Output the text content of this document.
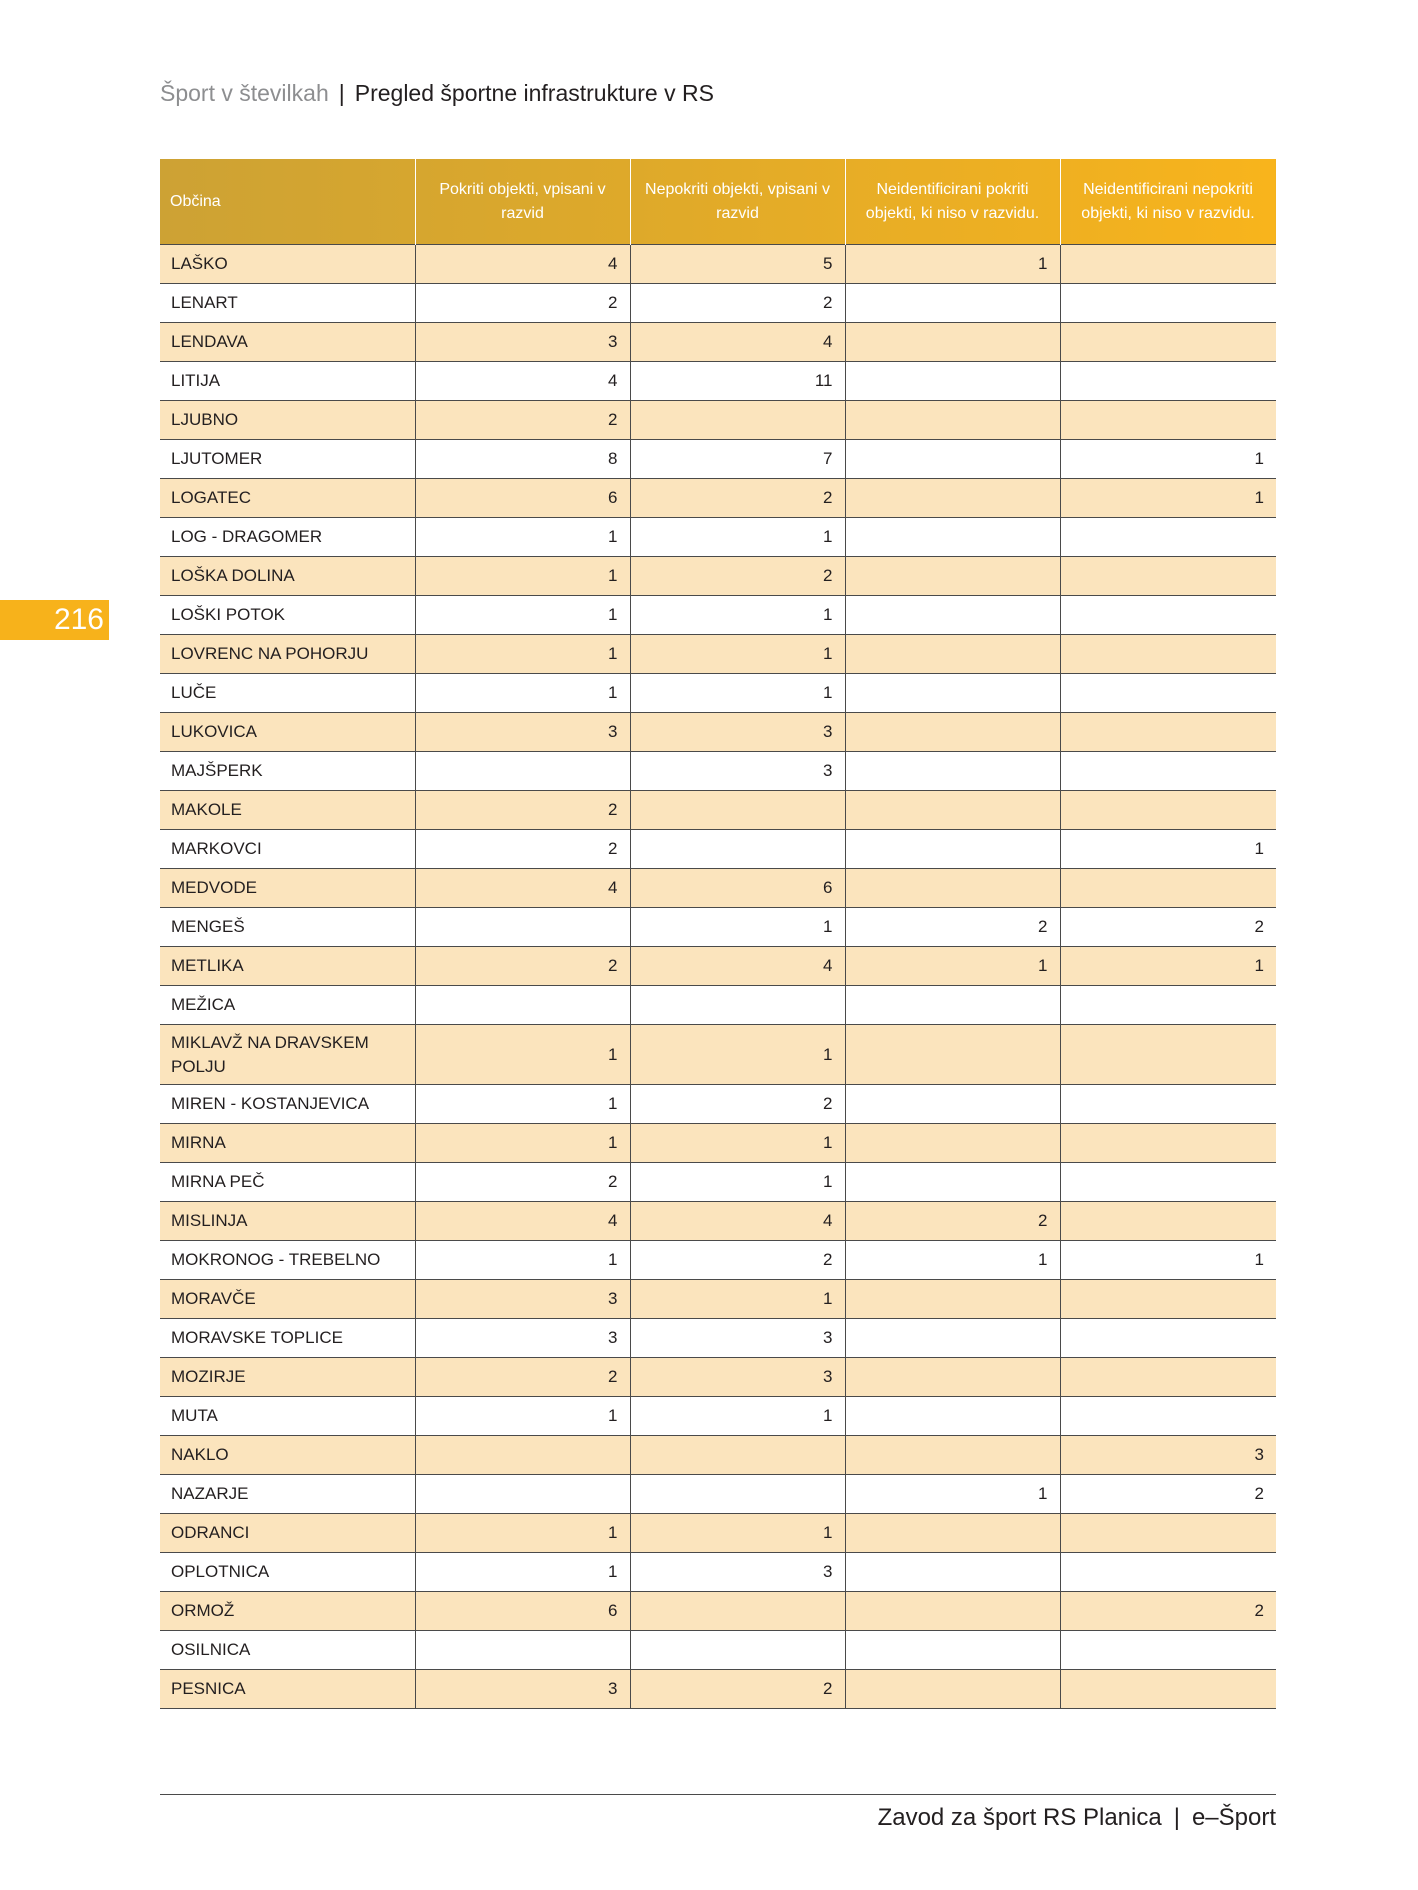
Šport v številkah | Pregled športne infrastrukture v RS
216
Občina	Pokriti objekti, vpisani v razvid	Nepokriti objekti, vpisani v razvid	Neidentificirani pokriti objekti, ki niso v razvidu.	Neidentificirani nepokriti objekti, ki niso v razvidu.
LAŠKO	4	5	1	
LENART	2	2		
LENDAVA	3	4		
LITIJA	4	11		
LJUBNO	2			
LJUTOMER	8	7		1
LOGATEC	6	2		1
LOG - DRAGOMER	1	1		
LOŠKA DOLINA	1	2		
LOŠKI POTOK	1	1		
LOVRENC NA POHORJU	1	1		
LUČE	1	1		
LUKOVICA	3	3		
MAJŠPERK		3		
MAKOLE	2			
MARKOVCI	2			1
MEDVODE	4	6		
MENGEŠ		1	2	2
METLIKA	2	4	1	1
MEŽICA				
MIKLAVŽ NA DRAVSKEM POLJU	1	1		
MIREN - KOSTANJEVICA	1	2		
MIRNA	1	1		
MIRNA PEČ	2	1		
MISLINJA	4	4	2	
MOKRONOG - TREBELNO	1	2	1	1
MORAVČE	3	1		
MORAVSKE TOPLICE	3	3		
MOZIRJE	2	3		
MUTA	1	1		
NAKLO				3
NAZARJE			1	2
ODRANCI	1	1		
OPLOTNICA	1	3		
ORMOŽ	6			2
OSILNICA				
PESNICA	3	2		
Zavod za šport RS Planica | e–Šport
